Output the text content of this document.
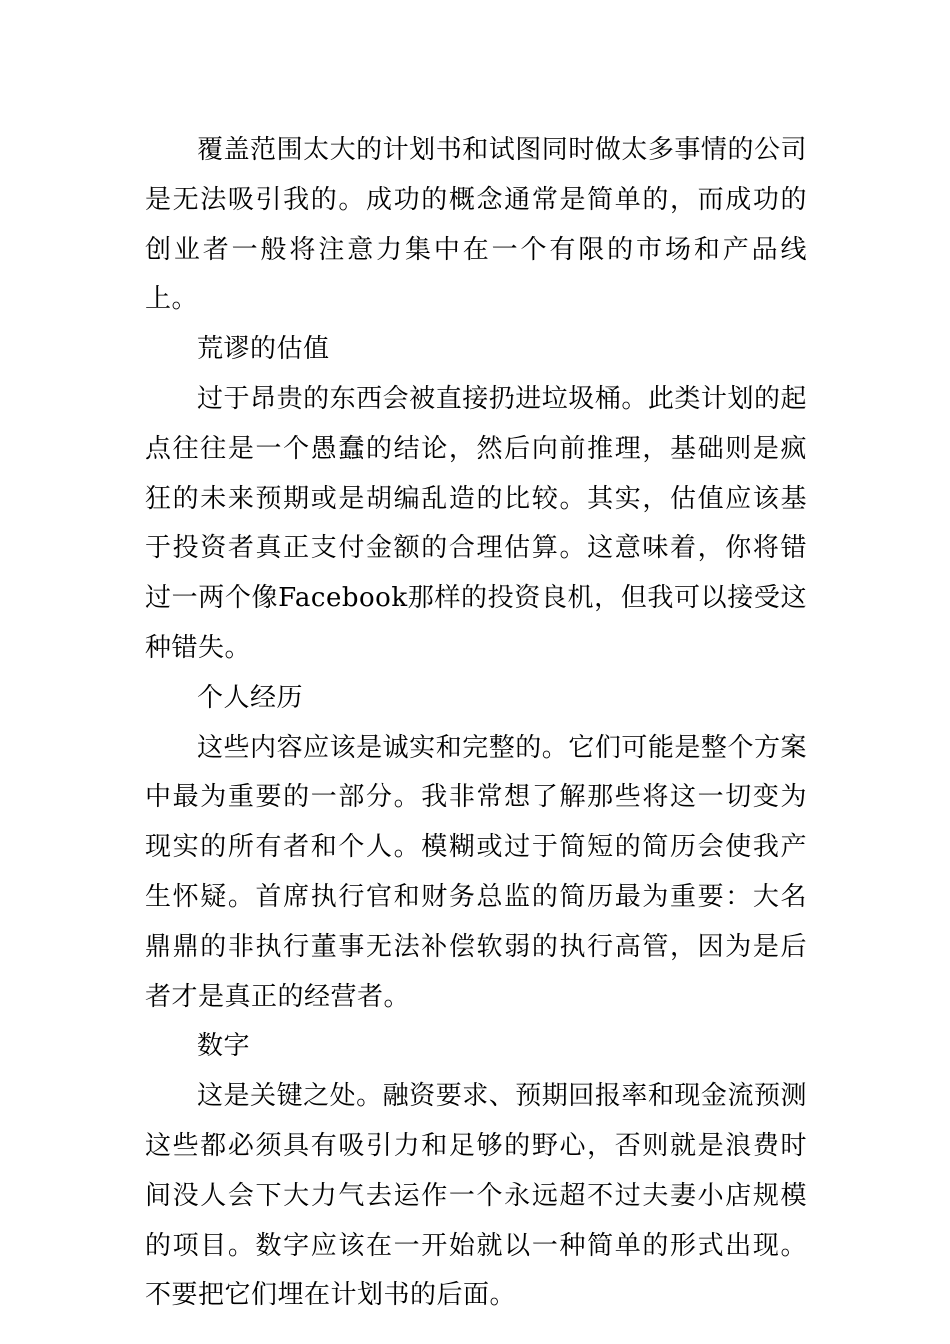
覆盖范围太大的计划书和试图同时做太多事情的公司是无法吸引我的。成功的概念通常是简单的，而成功的创业者一般将注意力集中在一个有限的市场和产品线上。

荒谬的估值

过于昂贵的东西会被直接扔进垃圾桶。此类计划的起点往往是一个愚蠢的结论，然后向前推理，基础则是疯狂的未来预期或是胡编乱造的比较。其实，估值应该基于投资者真正支付金额的合理估算。这意味着，你将错过一两个像Facebook那样的投资良机，但我可以接受这种错失。

个人经历

这些内容应该是诚实和完整的。它们可能是整个方案中最为重要的一部分。我非常想了解那些将这一切变为现实的所有者和个人。模糊或过于简短的简历会使我产生怀疑。首席执行官和财务总监的简历最为重要：大名鼎鼎的非执行董事无法补偿软弱的执行高管，因为是后者才是真正的经营者。

数字

这是关键之处。融资要求、预期回报率和现金流预测这些都必须具有吸引力和足够的野心，否则就是浪费时间没人会下大力气去运作一个永远超不过夫妻小店规模的项目。数字应该在一开始就以一种简单的形式出现。不要把它们埋在计划书的后面。
